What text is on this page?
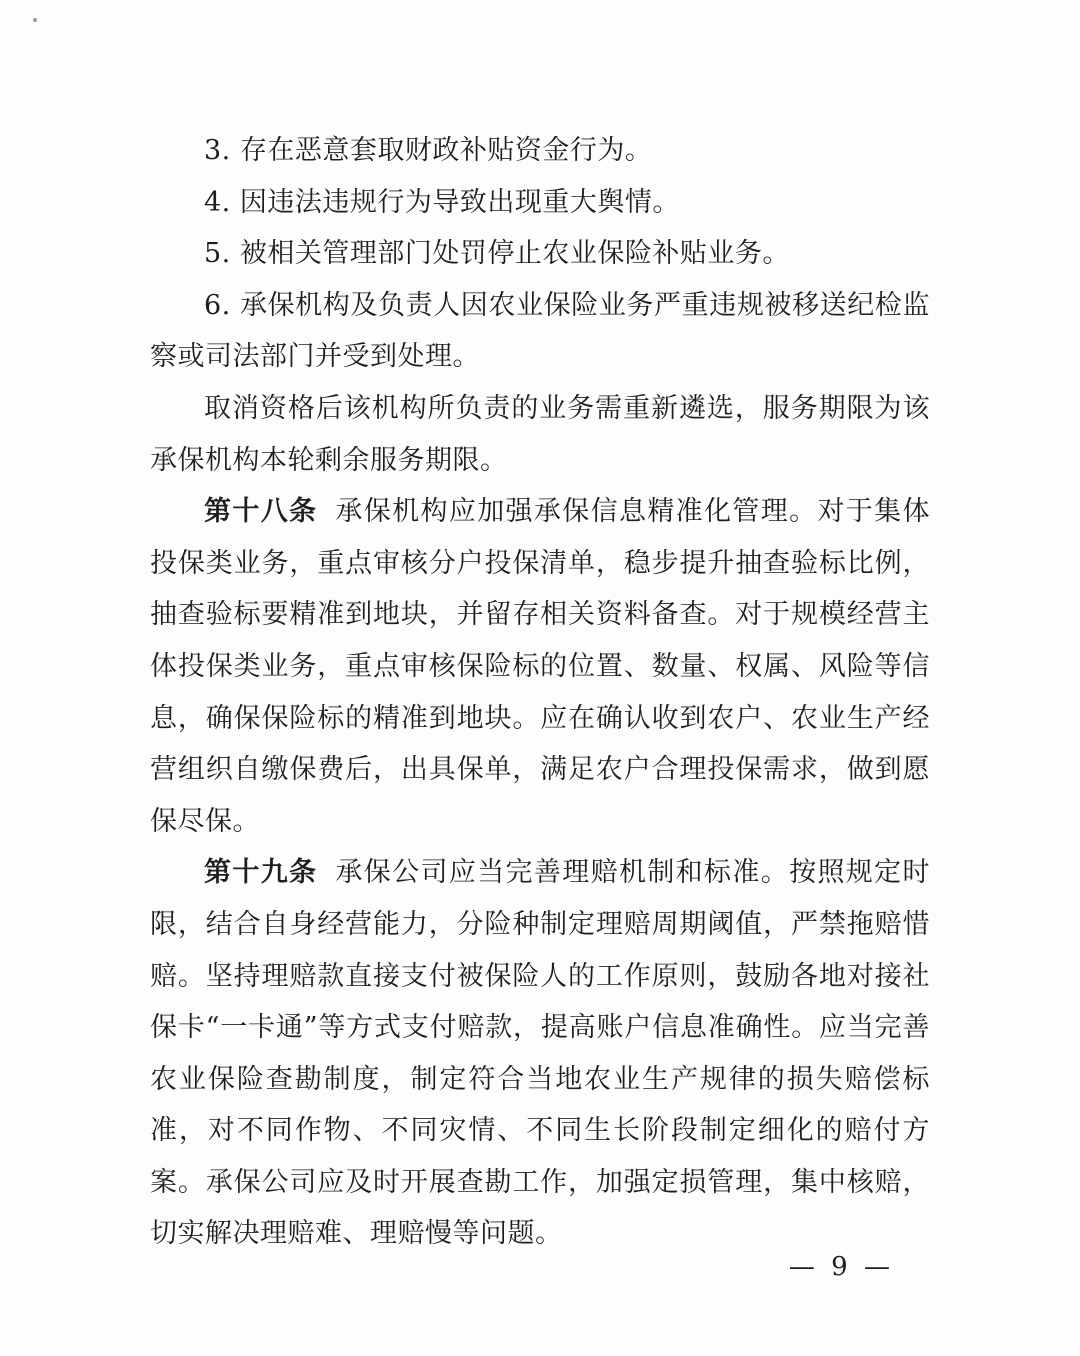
3. 存在恶意套取财政补贴资金行为。

4. 因违法违规行为导致出现重大舆情。

5. 被相关管理部门处罚停止农业保险补贴业务。

6. 承保机构及负责人因农业保险业务严重违规被移送纪检监察或司法部门并受到处理。

取消资格后该机构所负责的业务需重新遴选，服务期限为该承保机构本轮剩余服务期限。

第十八条 承保机构应加强承保信息精准化管理。对于集体投保类业务，重点审核分户投保清单，稳步提升抽查验标比例，抽查验标要精准到地块，并留存相关资料备查。对于规模经营主体投保类业务，重点审核保险标的位置、数量、权属、风险等信息，确保保险标的精准到地块。应在确认收到农户、农业生产经营组织自缴保费后，出具保单，满足农户合理投保需求，做到愿保尽保。

第十九条 承保公司应当完善理赔机制和标准。按照规定时限，结合自身经营能力，分险种制定理赔周期阈值，严禁拖赔惜赔。坚持理赔款直接支付被保险人的工作原则，鼓励各地对接社保卡“一卡通”等方式支付赔款，提高账户信息准确性。应当完善农业保险查勘制度，制定符合当地农业生产规律的损失赔偿标准，对不同作物、不同灾情、不同生长阶段制定细化的赔付方案。承保公司应及时开展查勘工作，加强定损管理，集中核赔，切实解决理赔难、理赔慢等问题。

— 9 —
